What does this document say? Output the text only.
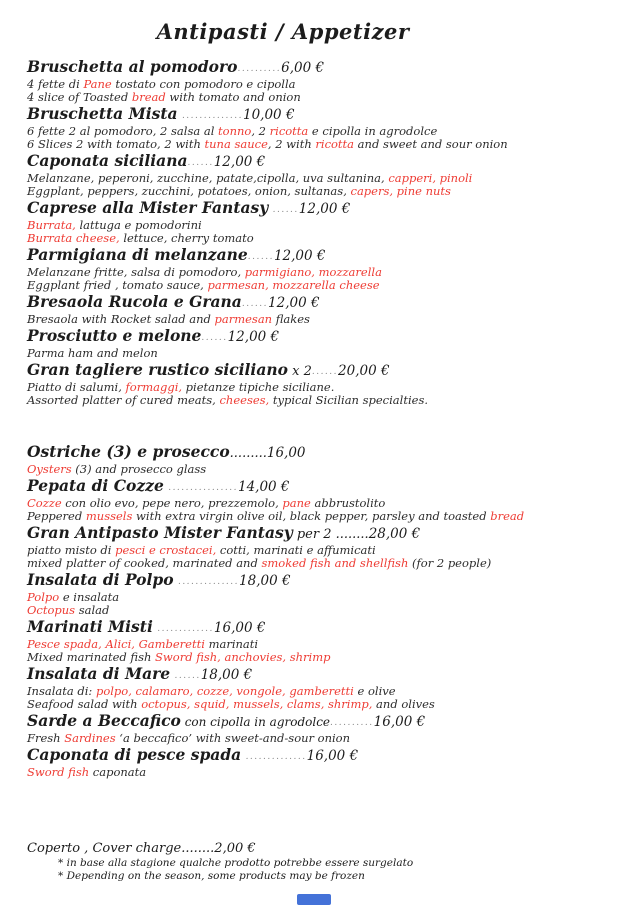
Antipasti / Appetizer
Bruschetta al pomodoro..........6,00 €
4 fette di Pane tostato con pomodoro e cipolla
4 slice of Toasted bread with tomato and onion
Bruschetta Mista ..............10,00 €
6 fette 2 al pomodoro, 2 salsa al tonno, 2 ricotta e cipolla in agrodolce
6 Slices 2 with tomato, 2 with tuna sauce, 2 with ricotta and sweet and sour onion
Caponata siciliana......12,00 €
Melanzane, peperoni, zucchine, patate,cipolla, uva sultanina, capperi, pinoli
Eggplant, peppers, zucchini, potatoes, onion, sultanas, capers, pine nuts
Caprese alla Mister Fantasy ......12,00 €
Burrata, lattuga e pomodorini
Burrata cheese, lettuce, cherry tomato
Parmigiana di melanzane......12,00 €
Melanzane fritte, salsa di pomodoro, parmigiano, mozzarella
Eggplant fried , tomato sauce, parmesan, mozzarella cheese
Bresaola Rucola e Grana......12,00 €
Bresaola with Rocket salad and parmesan flakes
Prosciutto e melone......12,00 €
Parma ham and melon
Gran tagliere rustico siciliano x 2......20,00 €
Piatto di salumi, formaggi, pietanze tipiche siciliane.
Assorted platter of cured meats, cheeses, typical Sicilian specialties.
Ostriche (3) e prosecco.........16,00
Oysters (3) and prosecco glass
Pepata di Cozze ................14,00 €
Cozze con olio evo, pepe nero, prezzemolo, pane abbrustolito
Peppered mussels with extra virgin olive oil, black pepper, parsley and toasted bread
Gran Antipasto Mister Fantasy per 2 ........28,00 €
piatto misto di pesci e crostacei, cotti, marinati e affumicati
mixed platter of cooked, marinated and smoked fish and shellfish (for 2 people)
Insalata di Polpo ..............18,00 €
Polpo e insalata
Octopus salad
Marinati Misti .............16,00 €
Pesce spada, Alici, Gamberetti marinati
Mixed marinated fish Sword fish, anchovies, shrimp
Insalata di Mare ......18,00 €
Insalata di: polpo, calamaro, cozze, vongole, gamberetti e olive
Seafood salad with octopus, squid, mussels, clams, shrimp, and olives
Sarde a Beccafico con cipolla in agrodolce..........16,00 €
Fresh Sardines ‘a beccafico’ with sweet-and-sour onion
Caponata di pesce spada ..............16,00 €
Sword fish caponata
Coperto , Cover charge........2,00 €
* in base alla stagione qualche prodotto potrebbe essere surgelato
* Depending on the season, some products may be frozen
